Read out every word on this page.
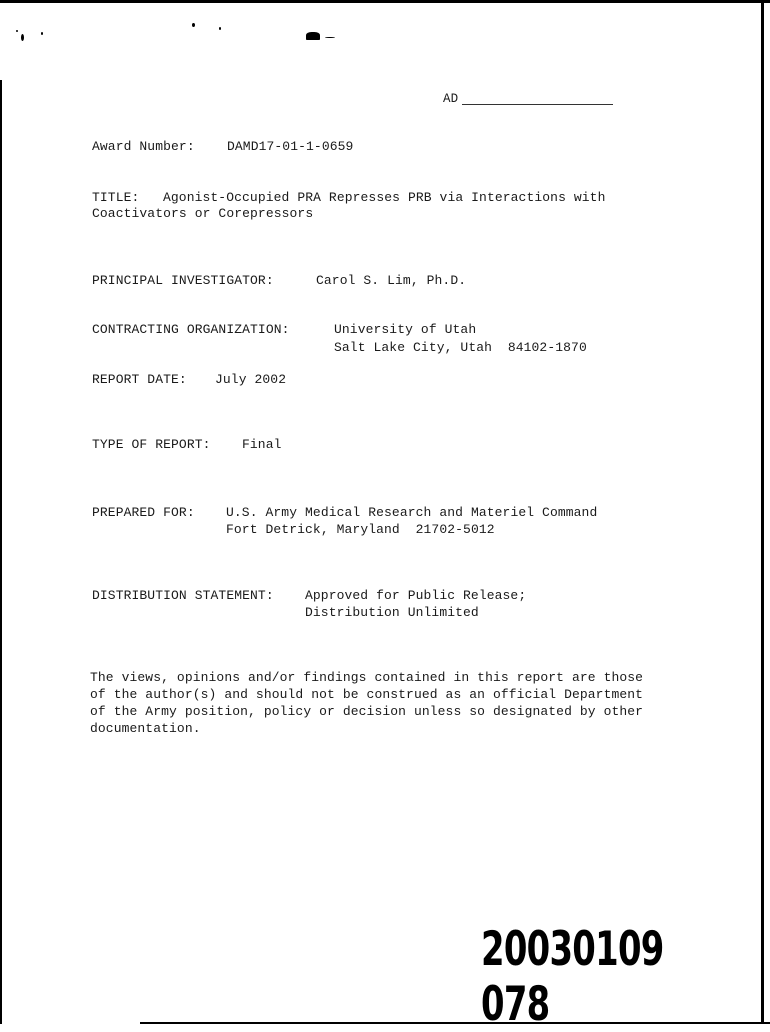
AD
Award Number: DAMD17-01-1-0659
TITLE: Agonist-Occupied PRA Represses PRB via Interactions with
Coactivators or Corepressors
PRINCIPAL INVESTIGATOR:	Carol S. Lim, Ph.D.
CONTRACTING ORGANIZATION:	University of Utah
Salt Lake City, Utah  84102-1870
REPORT DATE: July 2002
TYPE OF REPORT: Final
PREPARED FOR: U.S. Army Medical Research and Materiel Command
Fort Detrick, Maryland  21702-5012
DISTRIBUTION STATEMENT: Approved for Public Release;
Distribution Unlimited
The views, opinions and/or findings contained in this report are those
of the author(s) and should not be construed as an official Department
of the Army position, policy or decision unless so designated by other
documentation.
20030109 078
